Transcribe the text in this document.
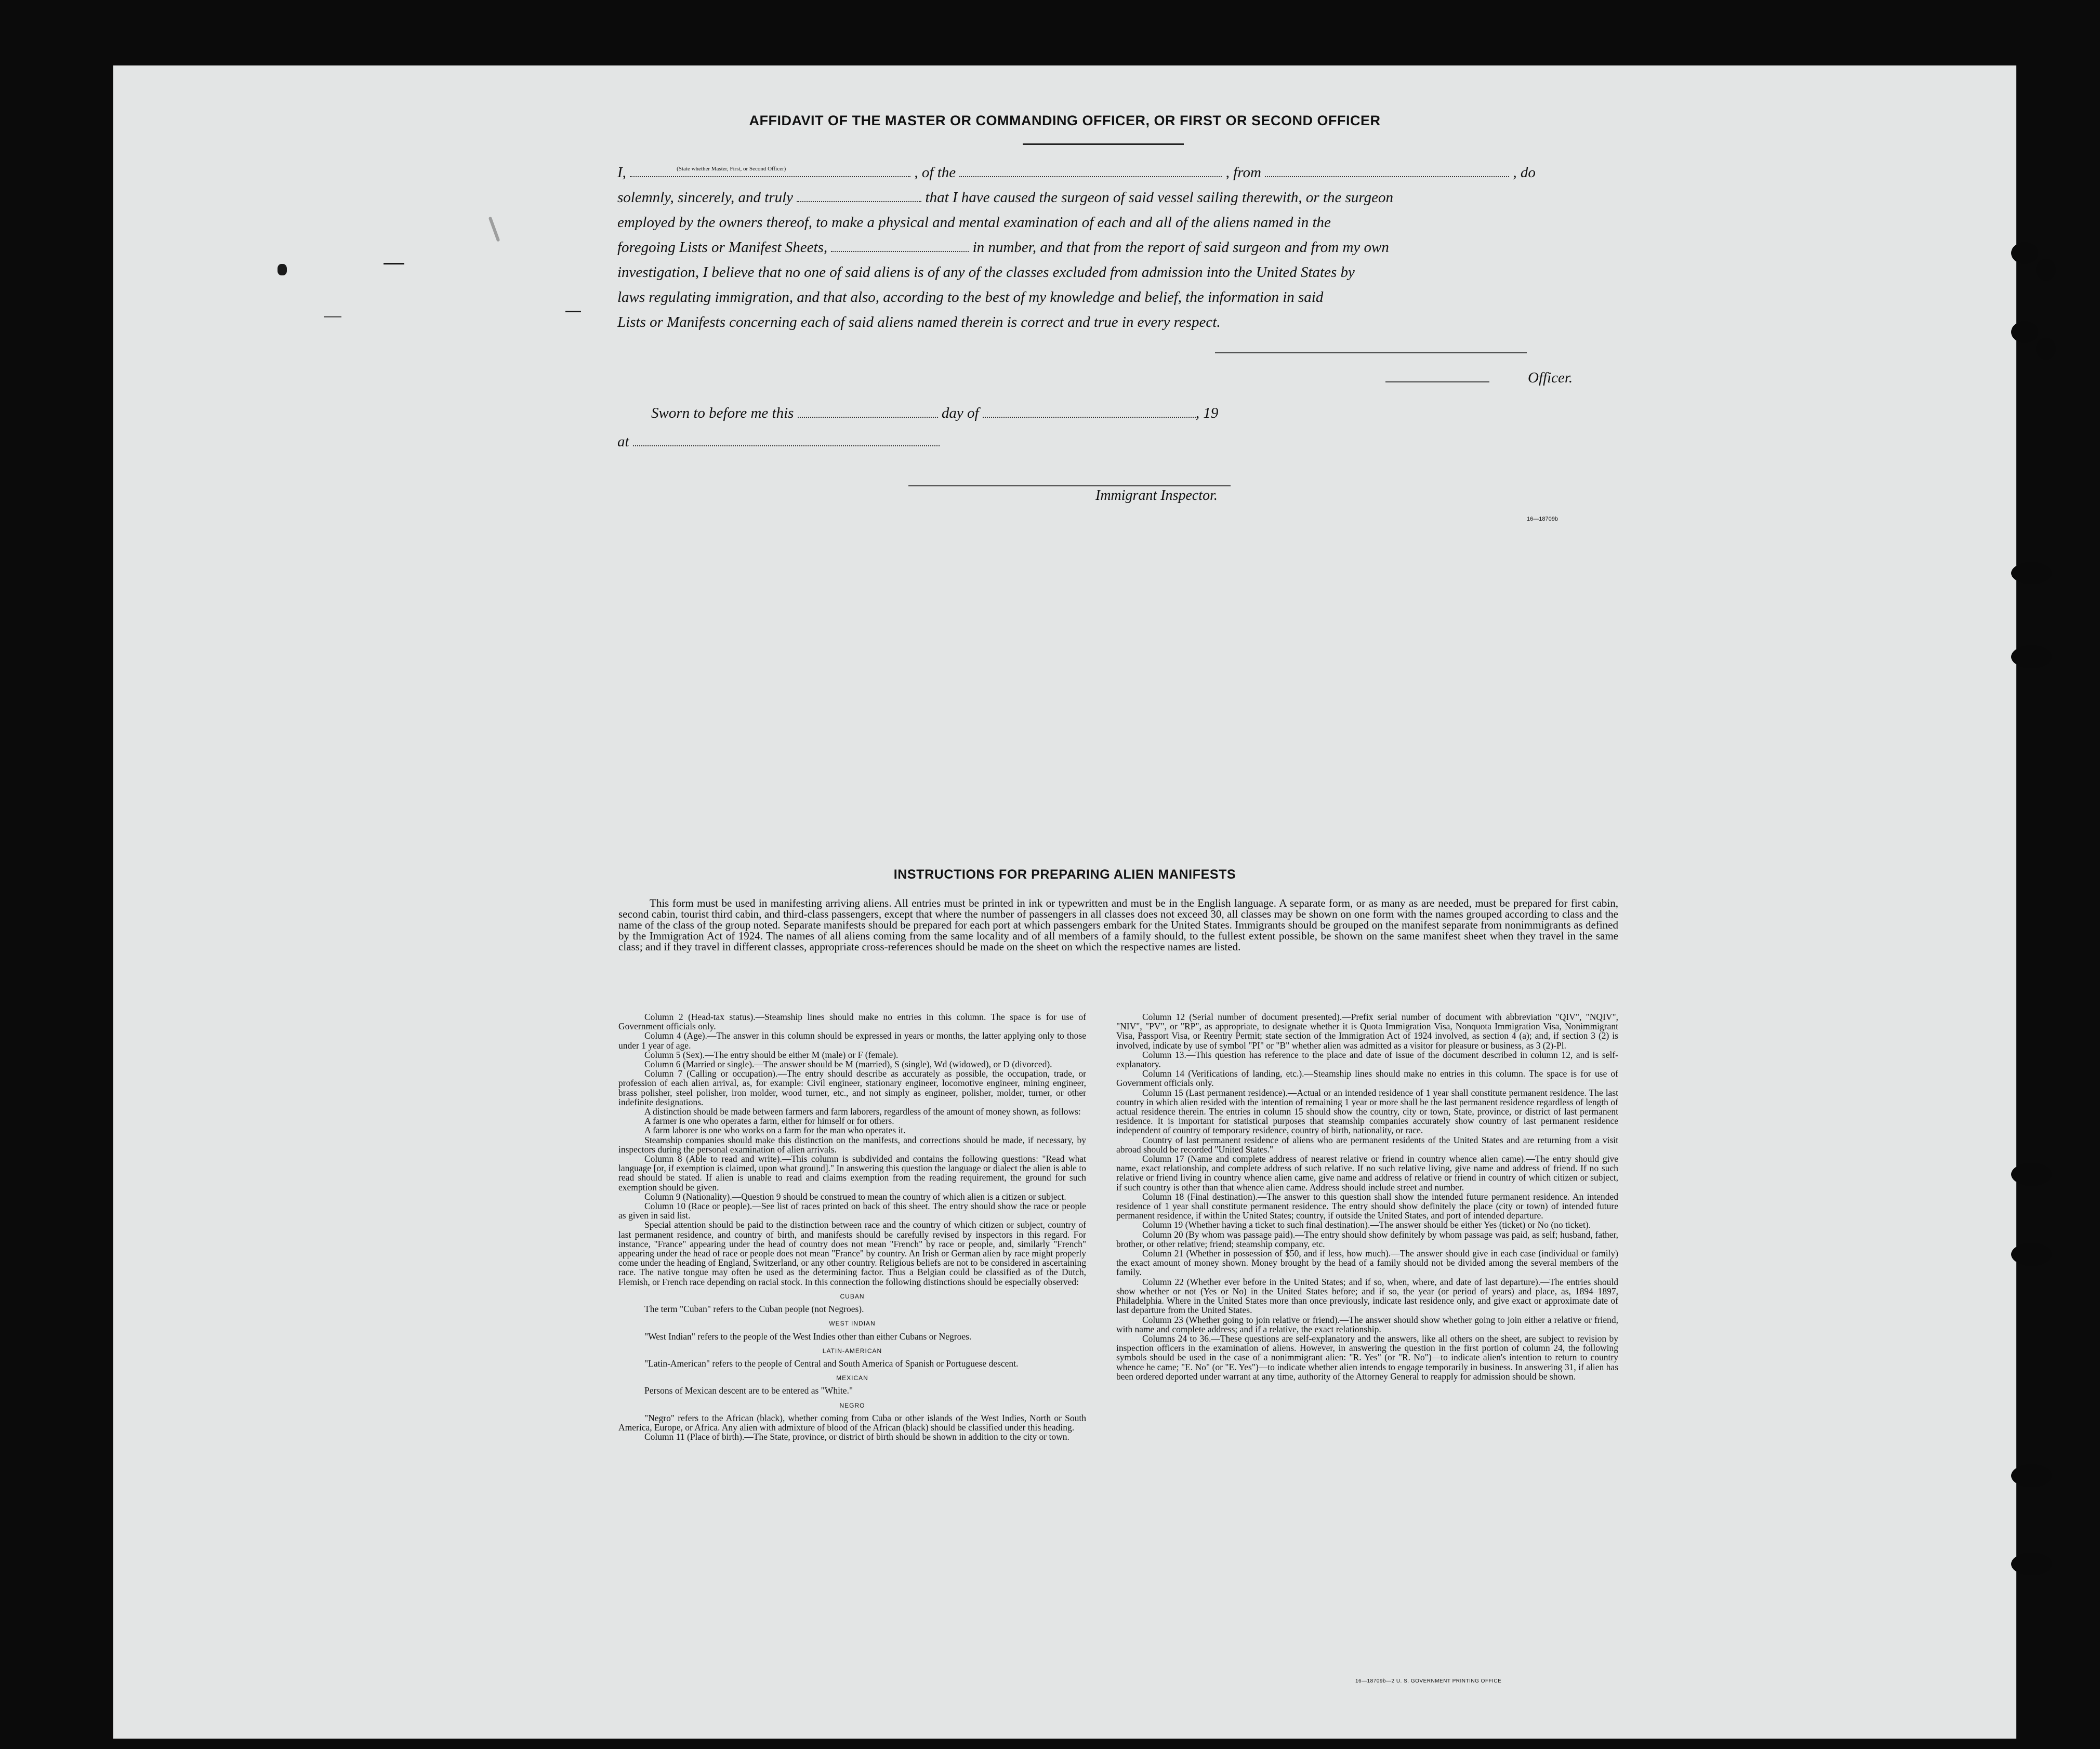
AFFIDAVIT OF THE MASTER OR COMMANDING OFFICER, OR FIRST OR SECOND OFFICER
I,	(State whether Master, First, or Second Officer)	, of the	, from	, do
solemnly, sincerely, and truly	that I have caused the surgeon of said vessel sailing therewith, or the surgeon
employed by the owners thereof, to make a physical and mental examination of each and all of the aliens named in the
foregoing Lists or Manifest Sheets,	in number, and that from the report of said surgeon and from my own
investigation, I believe that no one of said aliens is of any of the classes excluded from admission into the United States by
laws regulating immigration, and that also, according to the best of my knowledge and belief, the information in said
Lists or Manifests concerning each of said aliens named therein is correct and true in every respect.
Officer.
Sworn to before me this	day of	, 19
at
Immigrant Inspector.
16—18709b
INSTRUCTIONS FOR PREPARING ALIEN MANIFESTS
This form must be used in manifesting arriving aliens. All entries must be printed in ink or typewritten and must be in the English language. A separate form, or as many as are needed, must be prepared for first cabin, second cabin, tourist third cabin, and third-class passengers, except that where the number of passengers in all classes does not exceed 30, all classes may be shown on one form with the names grouped according to class and the name of the class of the group noted. Separate manifests should be prepared for each port at which passengers embark for the United States. Immigrants should be grouped on the manifest separate from nonimmigrants as defined by the Immigration Act of 1924. The names of all aliens coming from the same locality and of all members of a family should, to the fullest extent possible, be shown on the same manifest sheet when they travel in the same class; and if they travel in different classes, appropriate cross-references should be made on the sheet on which the respective names are listed.

Column 2 (Head-tax status).—Steamship lines should make no entries in this column. The space is for use of Government officials only.

Column 4 (Age).—The answer in this column should be expressed in years or months, the latter applying only to those under 1 year of age.

Column 5 (Sex).—The entry should be either M (male) or F (female).

Column 6 (Married or single).—The answer should be M (married), S (single), Wd (widowed), or D (divorced).

Column 7 (Calling or occupation).—The entry should describe as accurately as possible, the occupation, trade, or profession of each alien arrival, as, for example: Civil engineer, stationary engineer, locomotive engineer, mining engineer, brass polisher, steel polisher, iron molder, wood turner, etc., and not simply as engineer, polisher, molder, turner, or other indefinite designations.

A distinction should be made between farmers and farm laborers, regardless of the amount of money shown, as follows:

A farmer is one who operates a farm, either for himself or for others.

A farm laborer is one who works on a farm for the man who operates it.

Steamship companies should make this distinction on the manifests, and corrections should be made, if necessary, by inspectors during the personal examination of alien arrivals.

Column 8 (Able to read and write).—This column is subdivided and contains the following questions: "Read what language [or, if exemption is claimed, upon what ground]." In answering this question the language or dialect the alien is able to read should be stated. If alien is unable to read and claims exemption from the reading requirement, the ground for such exemption should be given.

Column 9 (Nationality).—Question 9 should be construed to mean the country of which alien is a citizen or subject.

Column 10 (Race or people).—See list of races printed on back of this sheet. The entry should show the race or people as given in said list.

Special attention should be paid to the distinction between race and the country of which citizen or subject, country of last permanent residence, and country of birth, and manifests should be carefully revised by inspectors in this regard. For instance, "France" appearing under the head of country does not mean "French" by race or people, and, similarly "French" appearing under the head of race or people does not mean "France" by country. An Irish or German alien by race might properly come under the heading of England, Switzerland, or any other country. Religious beliefs are not to be considered in ascertaining race. The native tongue may often be used as the determining factor. Thus a Belgian could be classified as of the Dutch, Flemish, or French race depending on racial stock. In this connection the following distinctions should be especially observed:

CUBAN

The term "Cuban" refers to the Cuban people (not Negroes).

WEST INDIAN

"West Indian" refers to the people of the West Indies other than either Cubans or Negroes.

LATIN-AMERICAN

"Latin-American" refers to the people of Central and South America of Spanish or Portuguese descent.

MEXICAN

Persons of Mexican descent are to be entered as "White."

NEGRO

"Negro" refers to the African (black), whether coming from Cuba or other islands of the West Indies, North or South America, Europe, or Africa. Any alien with admixture of blood of the African (black) should be classified under this heading.

Column 11 (Place of birth).—The State, province, or district of birth should be shown in addition to the city or town.

Column 12 (Serial number of document presented).—Prefix serial number of document with abbreviation "QIV", "NQIV", "NIV", "PV", or "RP", as appropriate, to designate whether it is Quota Immigration Visa, Nonquota Immigration Visa, Nonimmigrant Visa, Passport Visa, or Reentry Permit; state section of the Immigration Act of 1924 involved, as section 4 (a); and, if section 3 (2) is involved, indicate by use of symbol "PI" or "B" whether alien was admitted as a visitor for pleasure or business, as 3 (2)-Pl.

Column 13.—This question has reference to the place and date of issue of the document described in column 12, and is self-explanatory.

Column 14 (Verifications of landing, etc.).—Steamship lines should make no entries in this column. The space is for use of Government officials only.

Column 15 (Last permanent residence).—Actual or an intended residence of 1 year shall constitute permanent residence. The last country in which alien resided with the intention of remaining 1 year or more shall be the last permanent residence regardless of length of actual residence therein. The entries in column 15 should show the country, city or town, State, province, or district of last permanent residence. It is important for statistical purposes that steamship companies accurately show country of last permanent residence independent of country of temporary residence, country of birth, nationality, or race.

Country of last permanent residence of aliens who are permanent residents of the United States and are returning from a visit abroad should be recorded "United States."

Column 17 (Name and complete address of nearest relative or friend in country whence alien came).—The entry should give name, exact relationship, and complete address of such relative. If no such relative living, give name and address of friend. If no such relative or friend living in country whence alien came, give name and address of relative or friend in country of which citizen or subject, if such country is other than that whence alien came. Address should include street and number.

Column 18 (Final destination).—The answer to this question shall show the intended future permanent residence. An intended residence of 1 year shall constitute permanent residence. The entry should show definitely the place (city or town) of intended future permanent residence, if within the United States; country, if outside the United States, and port of intended departure.

Column 19 (Whether having a ticket to such final destination).—The answer should be either Yes (ticket) or No (no ticket).

Column 20 (By whom was passage paid).—The entry should show definitely by whom passage was paid, as self; husband, father, brother, or other relative; friend; steamship company, etc.

Column 21 (Whether in possession of $50, and if less, how much).—The answer should give in each case (individual or family) the exact amount of money shown. Money brought by the head of a family should not be divided among the several members of the family.

Column 22 (Whether ever before in the United States; and if so, when, where, and date of last departure).—The entries should show whether or not (Yes or No) in the United States before; and if so, the year (or period of years) and place, as, 1894–1897, Philadelphia. Where in the United States more than once previously, indicate last residence only, and give exact or approximate date of last departure from the United States.

Column 23 (Whether going to join relative or friend).—The answer should show whether going to join either a relative or friend, with name and complete address; and if a relative, the exact relationship.

Columns 24 to 36.—These questions are self-explanatory and the answers, like all others on the sheet, are subject to revision by inspection officers in the examination of aliens. However, in answering the question in the first portion of column 24, the following symbols should be used in the case of a nonimmigrant alien: "R. Yes" (or "R. No")—to indicate alien's intention to return to country whence he came; "E. No" (or "E. Yes")—to indicate whether alien intends to engage temporarily in business. In answering 31, if alien has been ordered deported under warrant at any time, authority of the Attorney General to reapply for admission should be shown.

16—18709b—2 U. S. GOVERNMENT PRINTING OFFICE
